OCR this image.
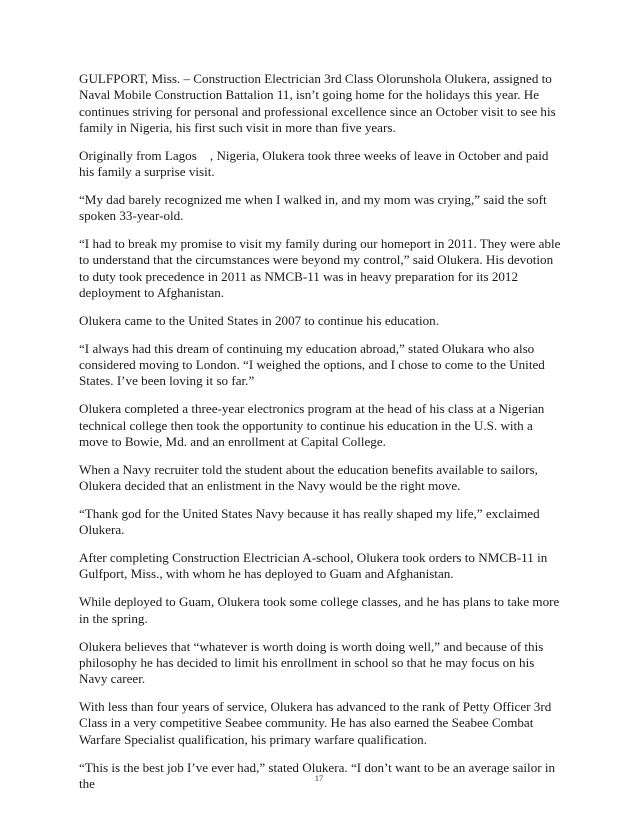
GULFPORT, Miss. – Construction Electrician 3rd Class Olorunshola Olukera, assigned to Naval Mobile Construction Battalion 11, isn’t going home for the holidays this year. He continues striving for personal and professional excellence since an October visit to see his family in Nigeria, his first such visit in more than five years.

Originally from Lagos , Nigeria, Olukera took three weeks of leave in October and paid his family a surprise visit.

“My dad barely recognized me when I walked in, and my mom was crying,” said the soft spoken 33-year-old.

“I had to break my promise to visit my family during our homeport in 2011. They were able to understand that the circumstances were beyond my control,” said Olukera. His devotion to duty took precedence in 2011 as NMCB-11 was in heavy preparation for its 2012 deployment to Afghanistan.

Olukera came to the United States in 2007 to continue his education.

“I always had this dream of continuing my education abroad,” stated Olukara who also considered moving to London. “I weighed the options, and I chose to come to the United States. I’ve been loving it so far.”

Olukera completed a three-year electronics program at the head of his class at a Nigerian technical college then took the opportunity to continue his education in the U.S. with a move to Bowie, Md. and an enrollment at Capital College.

When a Navy recruiter told the student about the education benefits available to sailors, Olukera decided that an enlistment in the Navy would be the right move.

“Thank god for the United States Navy because it has really shaped my life,” exclaimed Olukera.

After completing Construction Electrician A-school, Olukera took orders to NMCB-11 in Gulfport, Miss., with whom he has deployed to Guam and Afghanistan.

While deployed to Guam, Olukera took some college classes, and he has plans to take more in the spring.

Olukera believes that “whatever is worth doing is worth doing well,” and because of this philosophy he has decided to limit his enrollment in school so that he may focus on his Navy career.

With less than four years of service, Olukera has advanced to the rank of Petty Officer 3rd Class in a very competitive Seabee community. He has also earned the Seabee Combat Warfare Specialist qualification, his primary warfare qualification.

“This is the best job I’ve ever had,” stated Olukera. “I don’t want to be an average sailor in the	17
